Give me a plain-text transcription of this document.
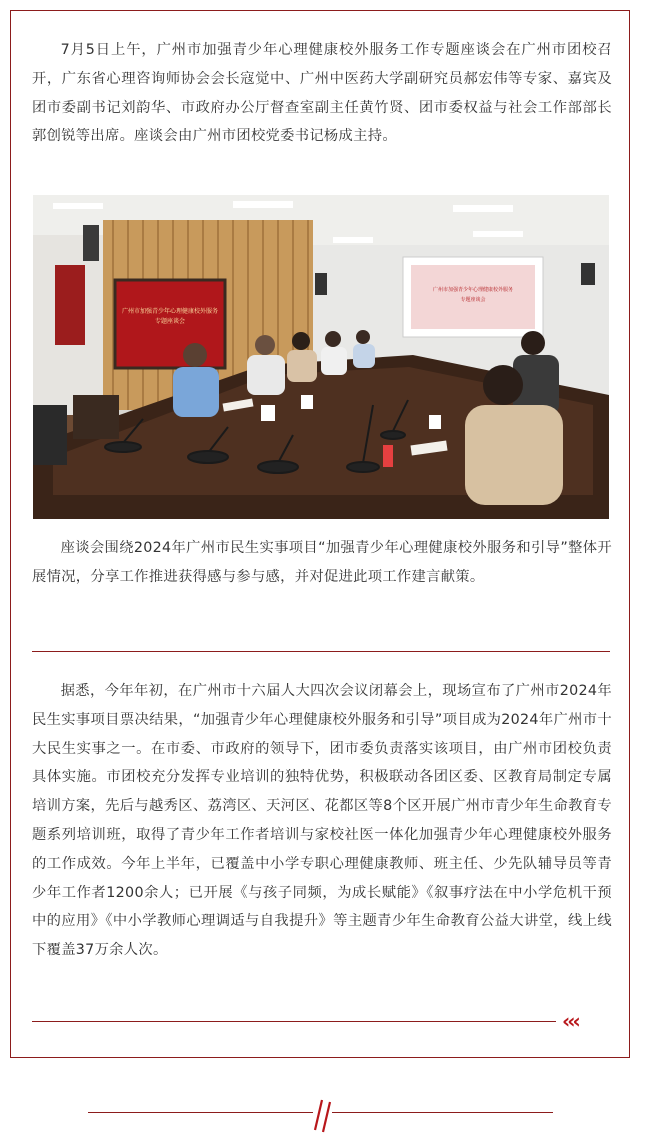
7月5日上午，广州市加强青少年心理健康校外服务工作专题座谈会在广州市团校召开，广东省心理咨询师协会会长寇觉中、广州中医药大学副研究员郝宏伟等专家、嘉宾及团市委副书记刘韵华、市政府办公厅督查室副主任黄竹贤、团市委权益与社会工作部部长郭创锐等出席。座谈会由广州市团校党委书记杨成主持。

广州市加强青少年心理健康校外服务
专题座谈会
广州市加强青少年心理健康校外服务
专题座谈会

座谈会围绕2024年广州市民生实事项目“加强青少年心理健康校外服务和引导”整体开展情况，分享工作推进获得感与参与感，并对促进此项工作建言献策。

据悉，今年年初，在广州市十六届人大四次会议闭幕会上，现场宣布了广州市2024年民生实事项目票决结果，“加强青少年心理健康校外服务和引导”项目成为2024年广州市十大民生实事之一。在市委、市政府的领导下，团市委负责落实该项目，由广州市团校负责具体实施。市团校充分发挥专业培训的独特优势，积极联动各团区委、区教育局制定专属培训方案，先后与越秀区、荔湾区、天河区、花都区等8个区开展广州市青少年生命教育专题系列培训班，取得了青少年工作者培训与家校社医一体化加强青少年心理健康校外服务的工作成效。今年上半年，已覆盖中小学专职心理健康教师、班主任、少先队辅导员等青少年工作者1200余人；已开展《与孩子同频，为成长赋能》《叙事疗法在中小学危机干预中的应用》《中小学教师心理调适与自我提升》等主题青少年生命教育公益大讲堂，线上线下覆盖37万余人次。

‹‹‹
